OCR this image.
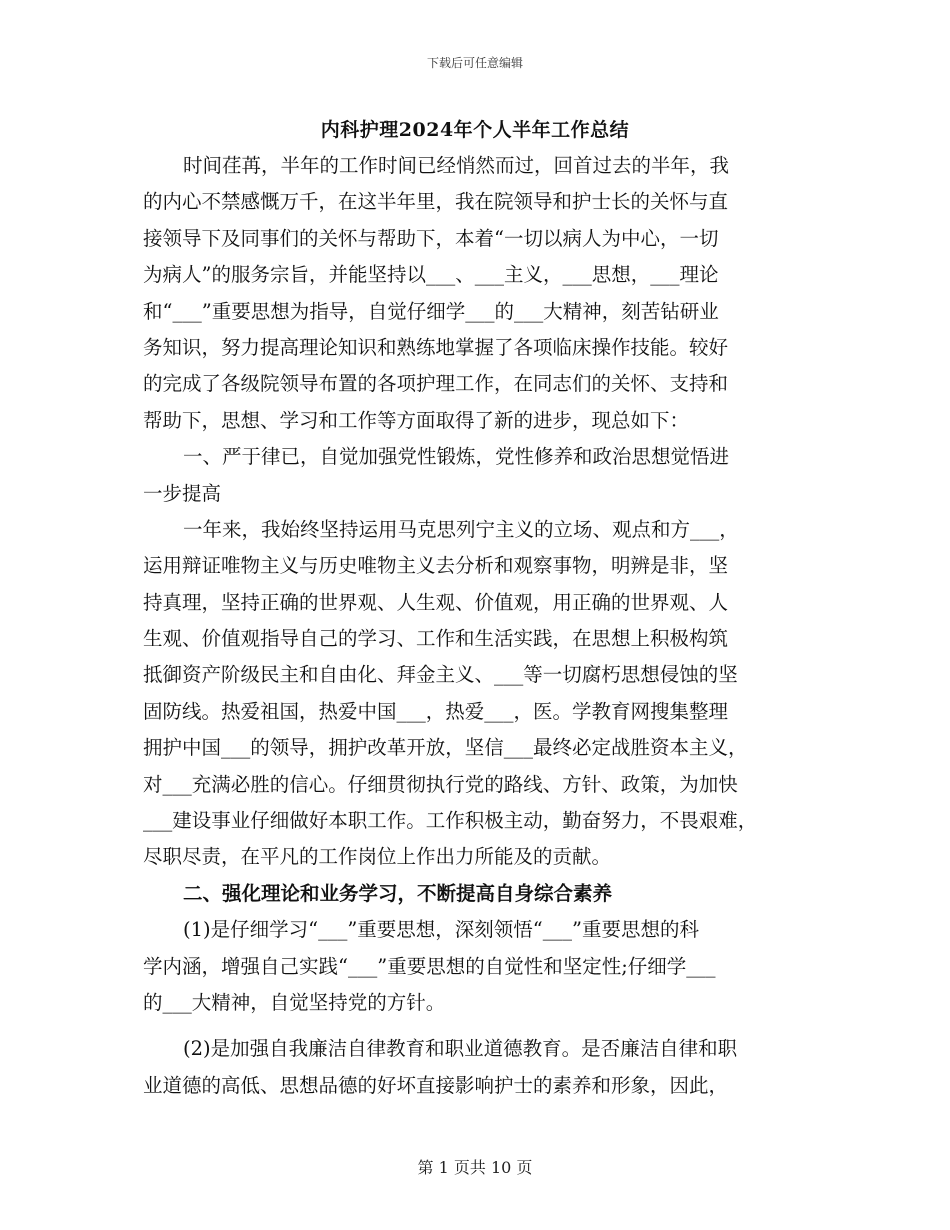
下载后可任意编辑
内科护理2024年个人半年工作总结
时间荏苒，半年的工作时间已经悄然而过，回首过去的半年，我
的内心不禁感慨万千，在这半年里，我在院领导和护士长的关怀与直
接领导下及同事们的关怀与帮助下，本着“一切以病人为中心，一切
为病人”的服务宗旨，并能坚持以___、___主义，___思想，___理论
和“___”重要思想为指导，自觉仔细学___的___大精神，刻苦钻研业
务知识，努力提高理论知识和熟练地掌握了各项临床操作技能。较好
的完成了各级院领导布置的各项护理工作，在同志们的关怀、支持和
帮助下，思想、学习和工作等方面取得了新的进步，现总如下：
一、严于律已，自觉加强党性锻炼，党性修养和政治思想觉悟进
一步提高
一年来，我始终坚持运用马克思列宁主义的立场、观点和方___，
运用辩证唯物主义与历史唯物主义去分析和观察事物，明辨是非，坚
持真理，坚持正确的世界观、人生观、价值观，用正确的世界观、人
生观、价值观指导自己的学习、工作和生活实践，在思想上积极构筑
抵御资产阶级民主和自由化、拜金主义、___等一切腐朽思想侵蚀的坚
固防线。热爱祖国，热爱中国___，热爱___，医。学教育网搜集整理
拥护中国___的领导，拥护改革开放，坚信___最终必定战胜资本主义，
对___充满必胜的信心。仔细贯彻执行党的路线、方针、政策，为加快
___建设事业仔细做好本职工作。工作积极主动，勤奋努力，不畏艰难，
尽职尽责，在平凡的工作岗位上作出力所能及的贡献。
二、强化理论和业务学习，不断提高自身综合素养
(1)是仔细学习“___”重要思想，深刻领悟“___”重要思想的科
学内涵，增强自己实践“___”重要思想的自觉性和坚定性;仔细学___
的___大精神，自觉坚持党的方针。
(2)是加强自我廉洁自律教育和职业道德教育。是否廉洁自律和职
业道德的高低、思想品德的好坏直接影响护士的素养和形象，因此，
第 1 页共 10 页
